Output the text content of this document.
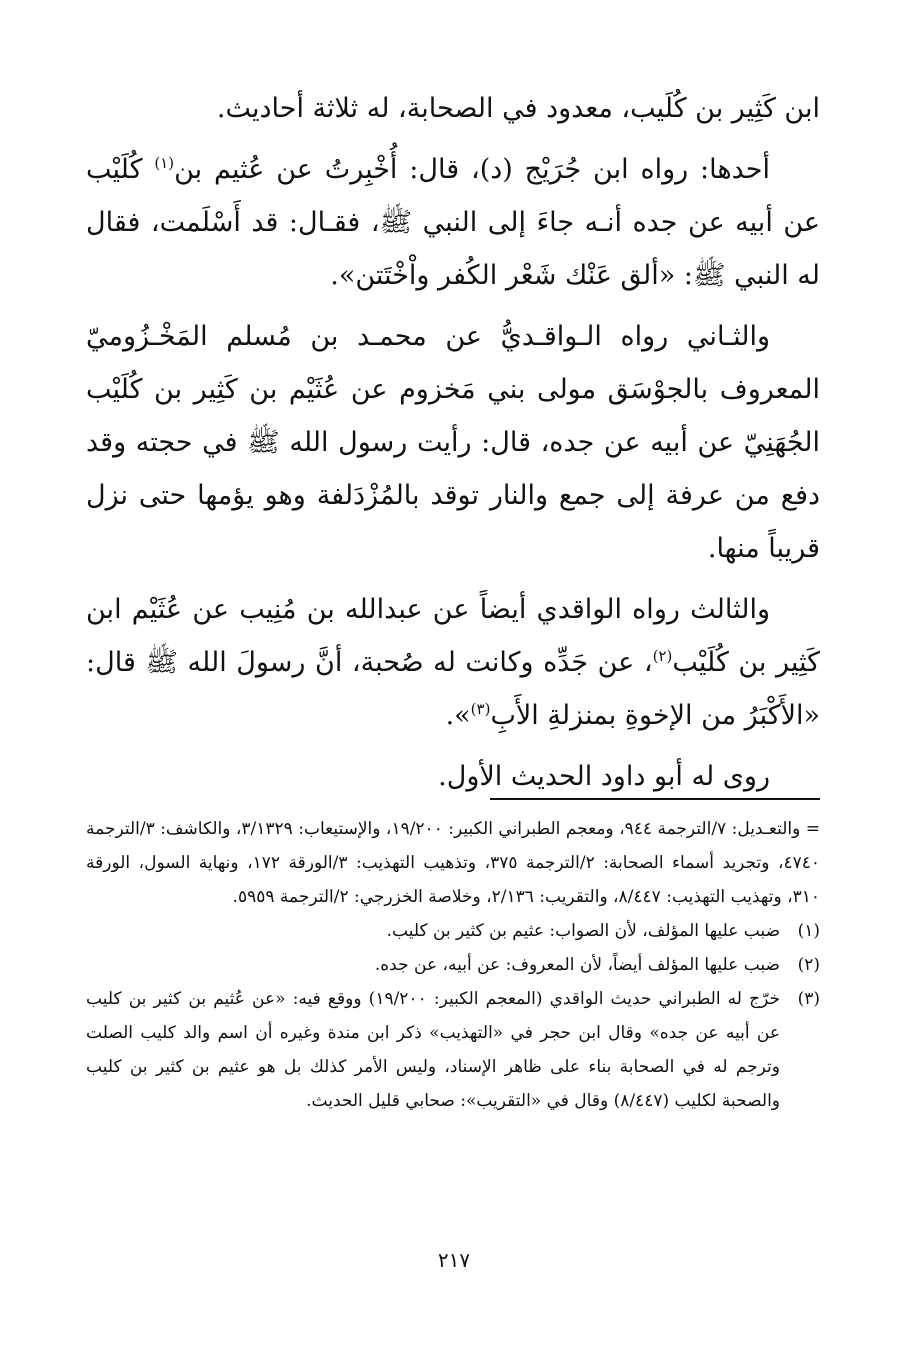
ابن كَثِير بن كُلَيب، معدود في الصحابة، له ثلاثة أحاديث.

أحدها: رواه ابن جُرَيْج (د)، قال: أُخْبِرتُ عن عُثيم بن$^{(١)}$ كُلَيْب عن أبيه عن جده أنـه جاءَ إلى النبي ﷺ، فقـال: قد أَسْلَمت، فقال له النبي ﷺ: «ألق عَنْك شَعْر الكُفر واْخْتَتن».

والثـاني رواه الـواقـديُّ عن محمـد بن مُسلم المَخْـزُوميّ المعروف بالجوْسَق مولى بني مَخزوم عن عُثَيْم بن كَثِير بن كُلَيْب الجُهَنِيّ عن أبيه عن جده، قال: رأيت رسول الله ﷺ في حجته وقد دفع من عرفة إلى جمع والنار توقد بالمُزْدَلفة وهو يؤمها حتى نزل قريباً منها.

والثالث رواه الواقدي أيضاً عن عبدالله بن مُنِيب عن عُثَيْم ابن كَثِير بن كُلَيْب$^{(٢)}$، عن جَدِّه وكانت له صُحبة، أنَّ رسولَ الله ﷺ قال: «الأَكْبَرُ من الإخوةِ بمنزلةِ الأَبِ$^{(٣)}$».

روى له أبو داود الحديث الأول.

= والتعـديل: ٧/الترجمة ٩٤٤، ومعجم الطبراني الكبير: ١٩/٢٠٠، والإستيعاب: ٣/١٣٢٩، والكاشف: ٣/الترجمة ٤٧٤٠، وتجريد أسماء الصحابة: ٢/الترجمة ٣٧٥، وتذهيب التهذيب: ٣/الورقة ١٧٢، ونهاية السول، الورقة ٣١٠، وتهذيب التهذيب: ٨/٤٤٧، والتقريب: ٢/١٣٦، وخلاصة الخزرجي: ٢/الترجمة ٥٩٥٩.

(١)
ضبب عليها المؤلف، لأن الصواب: عثيم بن كثير بن كليب.
(٢)
ضبب عليها المؤلف أيضاً، لأن المعروف: عن أبيه، عن جده.
(٣)
خرّج له الطبراني حديث الواقدي (المعجم الكبير: ١٩/٢٠٠) ووقع فيه: «عن عُثيم بن كثير بن كليب عن أبيه عن جده» وقال ابن حجر في «التهذيب» ذكر ابن مندة وغيره أن اسم والد كليب الصلت وترجم له في الصحابة بناء على ظاهر الإسناد، وليس الأمر كذلك بل هو عثيم بن كثير بن كليب والصحبة لكليب (٨/٤٤٧) وقال في «التقريب»: صحابي قليل الحديث.
٢١٧
